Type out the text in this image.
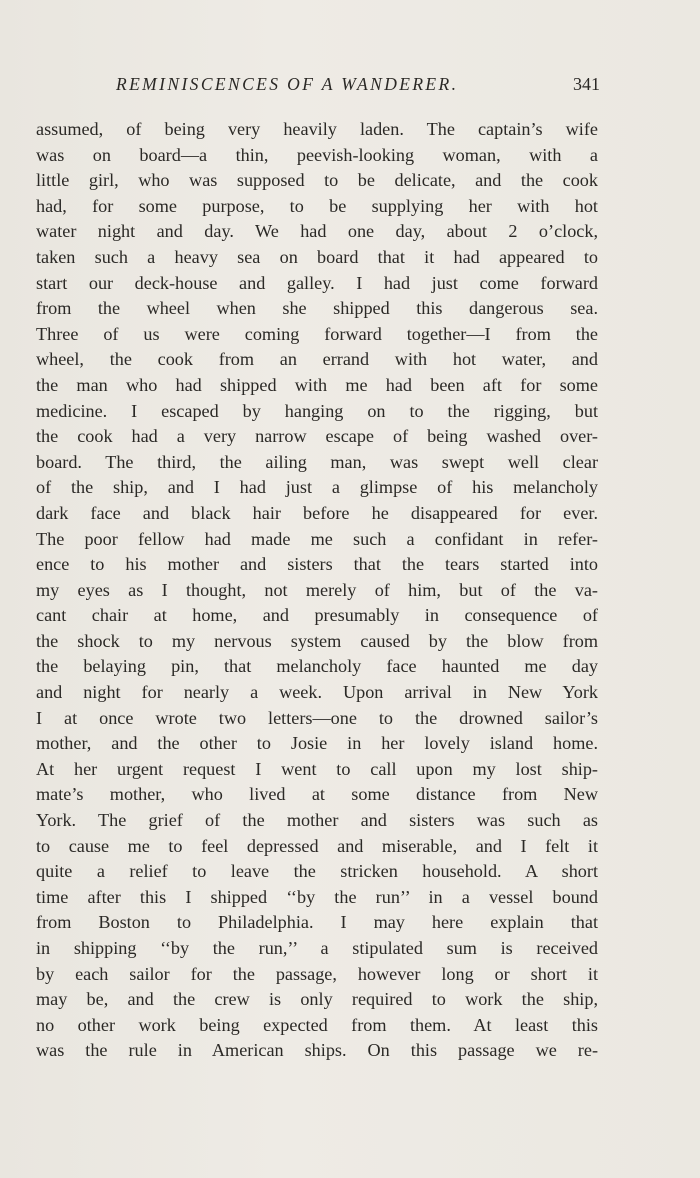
REMINISCENCES OF A WANDERER.	341
assumed, of being very heavily laden. The captain’s wife
was on board—a thin, peevish-looking woman, with a
little girl, who was supposed to be delicate, and the cook
had, for some purpose, to be supplying her with hot
water night and day. We had one day, about 2 o’clock,
taken such a heavy sea on board that it had appeared to
start our deck-house and galley. I had just come forward
from the wheel when she shipped this dangerous sea.
Three of us were coming forward together—I from the
wheel, the cook from an errand with hot water, and
the man who had shipped with me had been aft for some
medicine. I escaped by hanging on to the rigging, but
the cook had a very narrow escape of being washed over-
board. The third, the ailing man, was swept well clear
of the ship, and I had just a glimpse of his melancholy
dark face and black hair before he disappeared for ever.
The poor fellow had made me such a confidant in refer-
ence to his mother and sisters that the tears started into
my eyes as I thought, not merely of him, but of the va-
cant chair at home, and presumably in consequence of
the shock to my nervous system caused by the blow from
the belaying pin, that melancholy face haunted me day
and night for nearly a week. Upon arrival in New York
I at once wrote two letters—one to the drowned sailor’s
mother, and the other to Josie in her lovely island home.
At her urgent request I went to call upon my lost ship-
mate’s mother, who lived at some distance from New
York. The grief of the mother and sisters was such as
to cause me to feel depressed and miserable, and I felt it
quite a relief to leave the stricken household. A short
time after this I shipped ‘‘by the run’’ in a vessel bound
from Boston to Philadelphia. I may here explain that
in shipping ‘‘by the run,’’ a stipulated sum is received
by each sailor for the passage, however long or short it
may be, and the crew is only required to work the ship,
no other work being expected from them. At least this
was the rule in American ships. On this passage we re-
